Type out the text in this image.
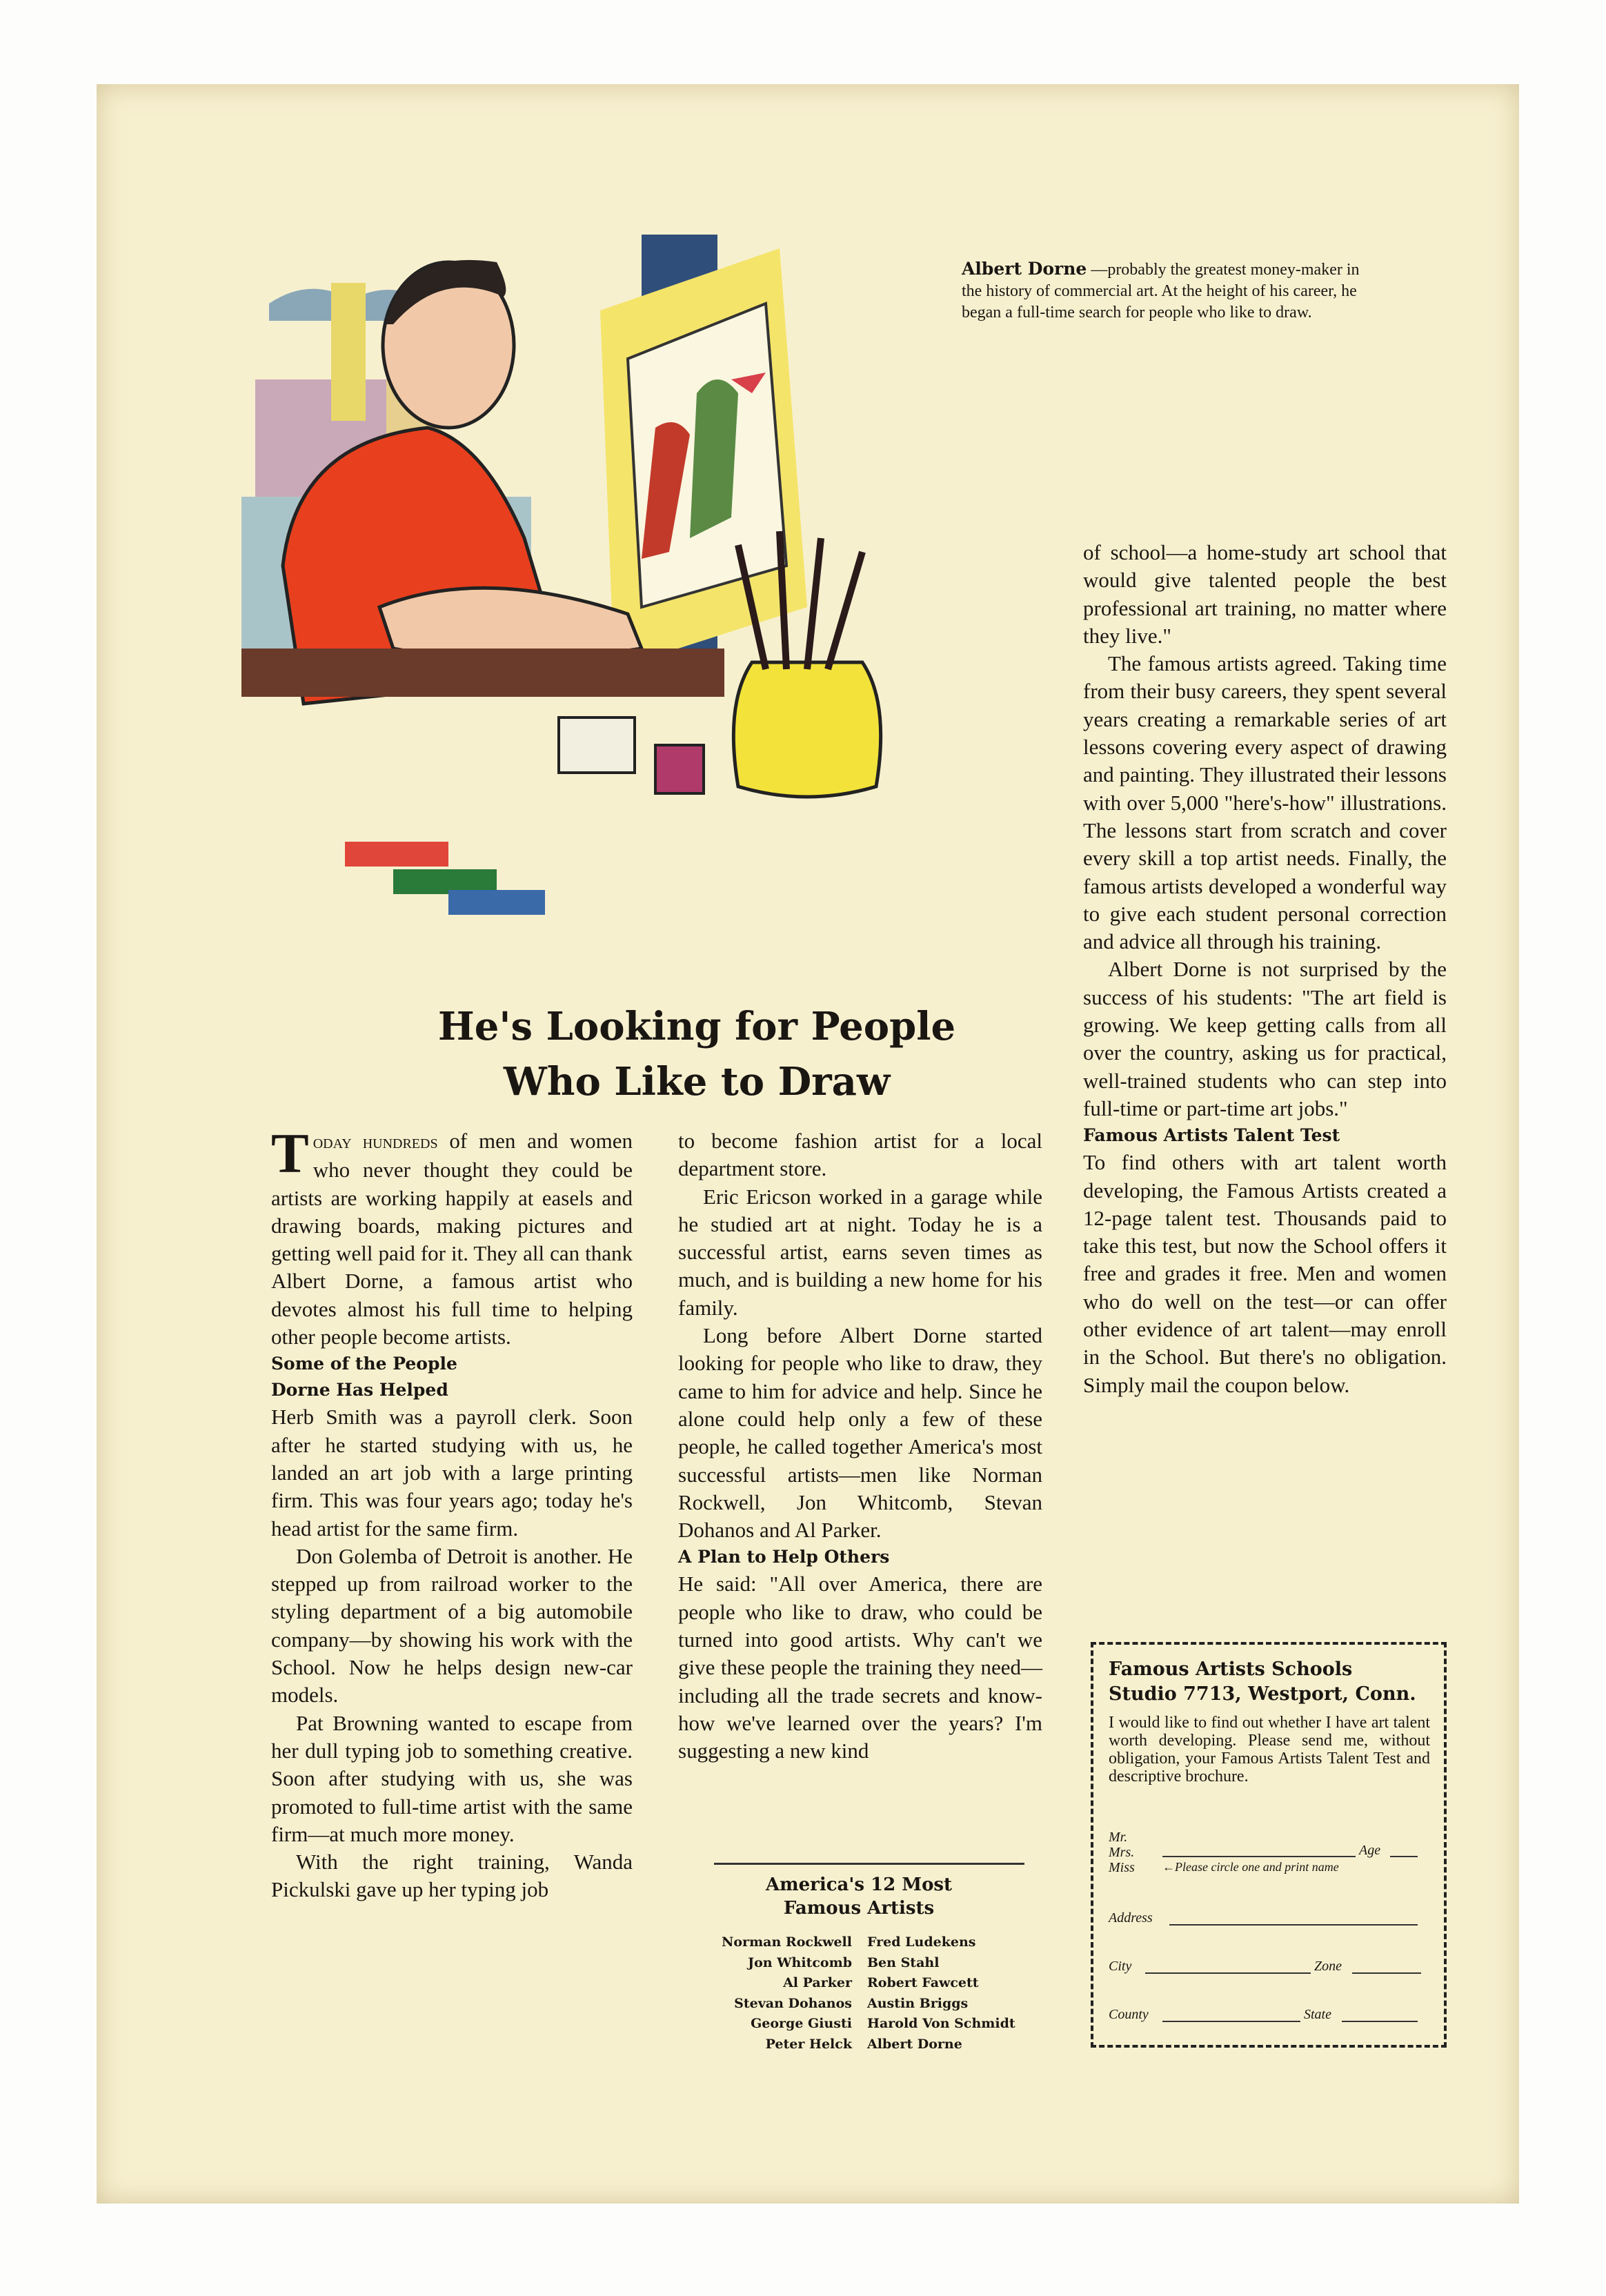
Albert Dorne —probably the greatest money-maker in the history of commercial art. At the height of his career, he began a full-time search for people who like to draw.
He's Looking for People
Who Like to Draw

Today hundreds of men and women who never thought they could be artists are working happily at easels and drawing boards, making pictures and getting well paid for it. They all can thank Albert Dorne, a famous artist who devotes almost his full time to helping other people become artists.

Some of the People
Dorne Has Helped

Herb Smith was a payroll clerk. Soon after he started studying with us, he landed an art job with a large printing firm. This was four years ago; today he's head artist for the same firm.

Don Golemba of Detroit is another. He stepped up from railroad worker to the styling department of a big automobile company—by showing his work with the School. Now he helps design new-car models.

Pat Browning wanted to escape from her dull typing job to something creative. Soon after studying with us, she was promoted to full-time artist with the same firm—at much more money.

With the right training, Wanda Pickulski gave up her typing job

to become fashion artist for a local department store.

Eric Ericson worked in a garage while he studied art at night. Today he is a successful artist, earns seven times as much, and is building a new home for his family.

Long before Albert Dorne started looking for people who like to draw, they came to him for advice and help. Since he alone could help only a few of these people, he called together America's most successful artists—men like Norman Rockwell, Jon Whitcomb, Stevan Dohanos and Al Parker.

A Plan to Help Others

He said: "All over America, there are people who like to draw, who could be turned into good artists. Why can't we give these people the training they need—including all the trade secrets and know-how we've learned over the years? I'm suggesting a new kind

America's 12 Most
Famous Artists
Norman Rockwell Fred Ludekens
Jon Whitcomb Ben Stahl
Al Parker Robert Fawcett
Stevan Dohanos Austin Briggs
George Giusti Harold Von Schmidt
Peter Helck Albert Dorne

of school—a home-study art school that would give talented people the best professional art training, no matter where they live."

The famous artists agreed. Taking time from their busy careers, they spent several years creating a remarkable series of art lessons covering every aspect of drawing and painting. They illustrated their lessons with over 5,000 "here's-how" illustrations. The lessons start from scratch and cover every skill a top artist needs. Finally, the famous artists developed a wonderful way to give each student personal correction and advice all through his training.

Albert Dorne is not surprised by the success of his students: "The art field is growing. We keep getting calls from all over the country, asking us for practical, well-trained students who can step into full-time or part-time art jobs."

Famous Artists Talent Test

To find others with art talent worth developing, the Famous Artists created a 12-page talent test. Thousands paid to take this test, but now the School offers it free and grades it free. Men and women who do well on the test—or can offer other evidence of art talent—may enroll in the School. But there's no obligation. Simply mail the coupon below.

Famous Artists Schools
Studio 7713, Westport, Conn.
I would like to find out whether I have art talent worth developing. Please send me, without obligation, your Famous Artists Talent Test and descriptive brochure.
Mr.
Mrs.
Miss
Age
←Please circle one and print name
Address
City	Zone
County	State
